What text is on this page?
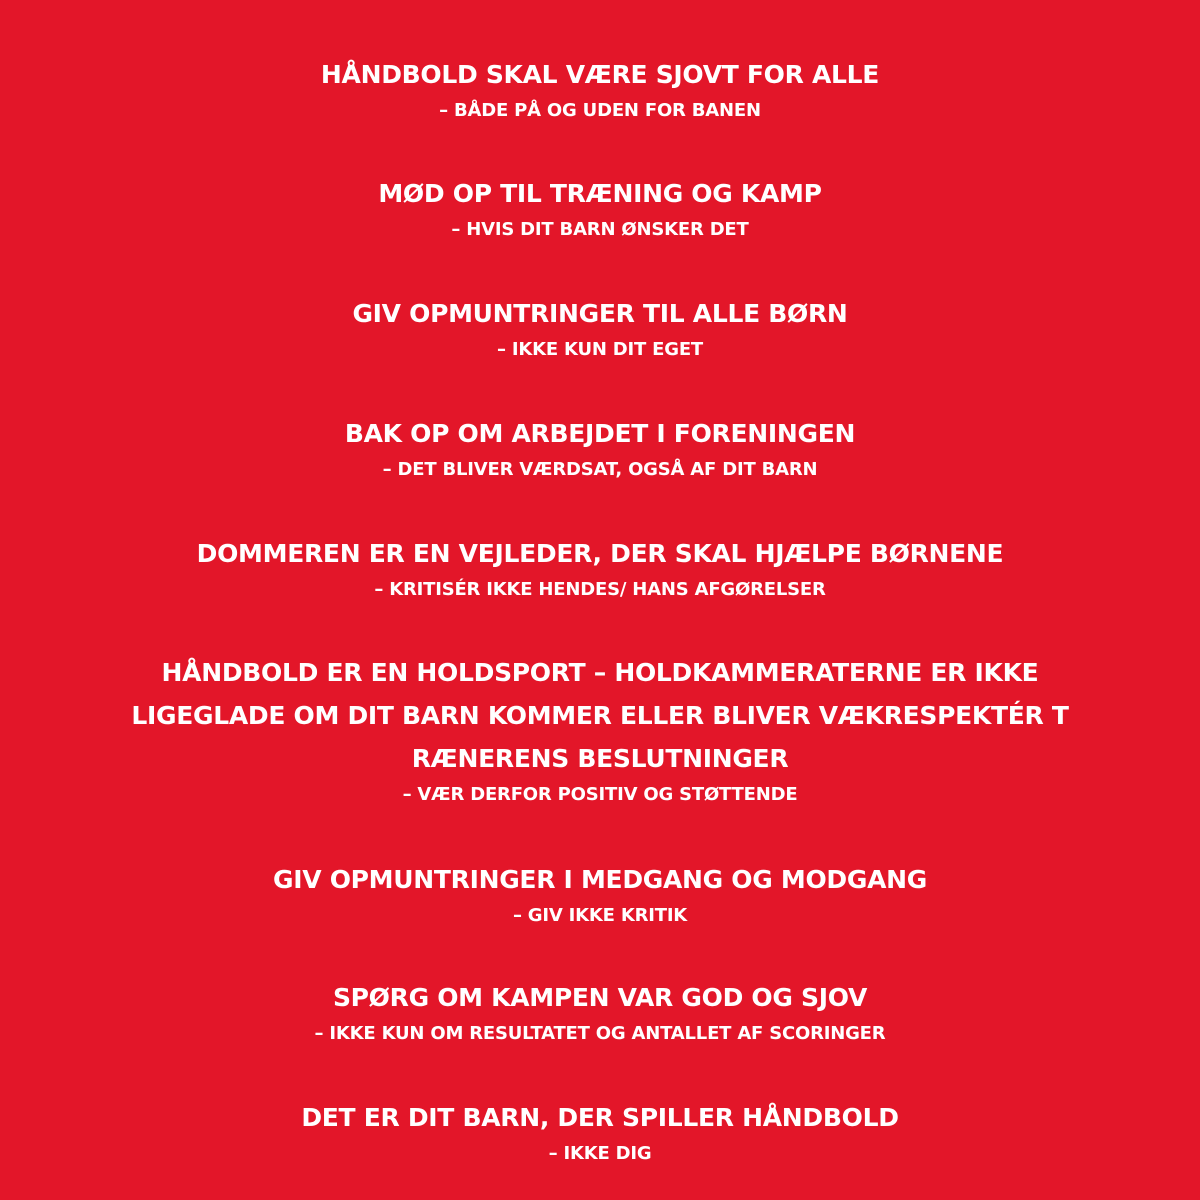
HÅNDBOLD SKAL VÆRE SJOVT FOR ALLE
– BÅDE PÅ OG UDEN FOR BANEN
MØD OP TIL TRÆNING OG KAMP
– HVIS DIT BARN ØNSKER DET
GIV OPMUNTRINGER TIL ALLE BØRN
– IKKE KUN DIT EGET
BAK OP OM ARBEJDET I FORENINGEN
– DET BLIVER VÆRDSAT, OGSÅ AF DIT BARN
DOMMEREN ER EN VEJLEDER, DER SKAL HJÆLPE BØRNENE
– KRITISÉR IKKE HENDES/ HANS AFGØRELSER
HÅNDBOLD ER EN HOLDSPORT – HOLDKAMMERATERNE ER IKKE
LIGEGLADE OM DIT BARN KOMMER ELLER BLIVER VÆKRESPEKTÉR T
RÆNERENS BESLUTNINGER
– VÆR DERFOR POSITIV OG STØTTENDE
GIV OPMUNTRINGER I MEDGANG OG MODGANG
– GIV IKKE KRITIK
SPØRG OM KAMPEN VAR GOD OG SJOV
– IKKE KUN OM RESULTATET OG ANTALLET AF SCORINGER
DET ER DIT BARN, DER SPILLER HÅNDBOLD
– IKKE DIG
